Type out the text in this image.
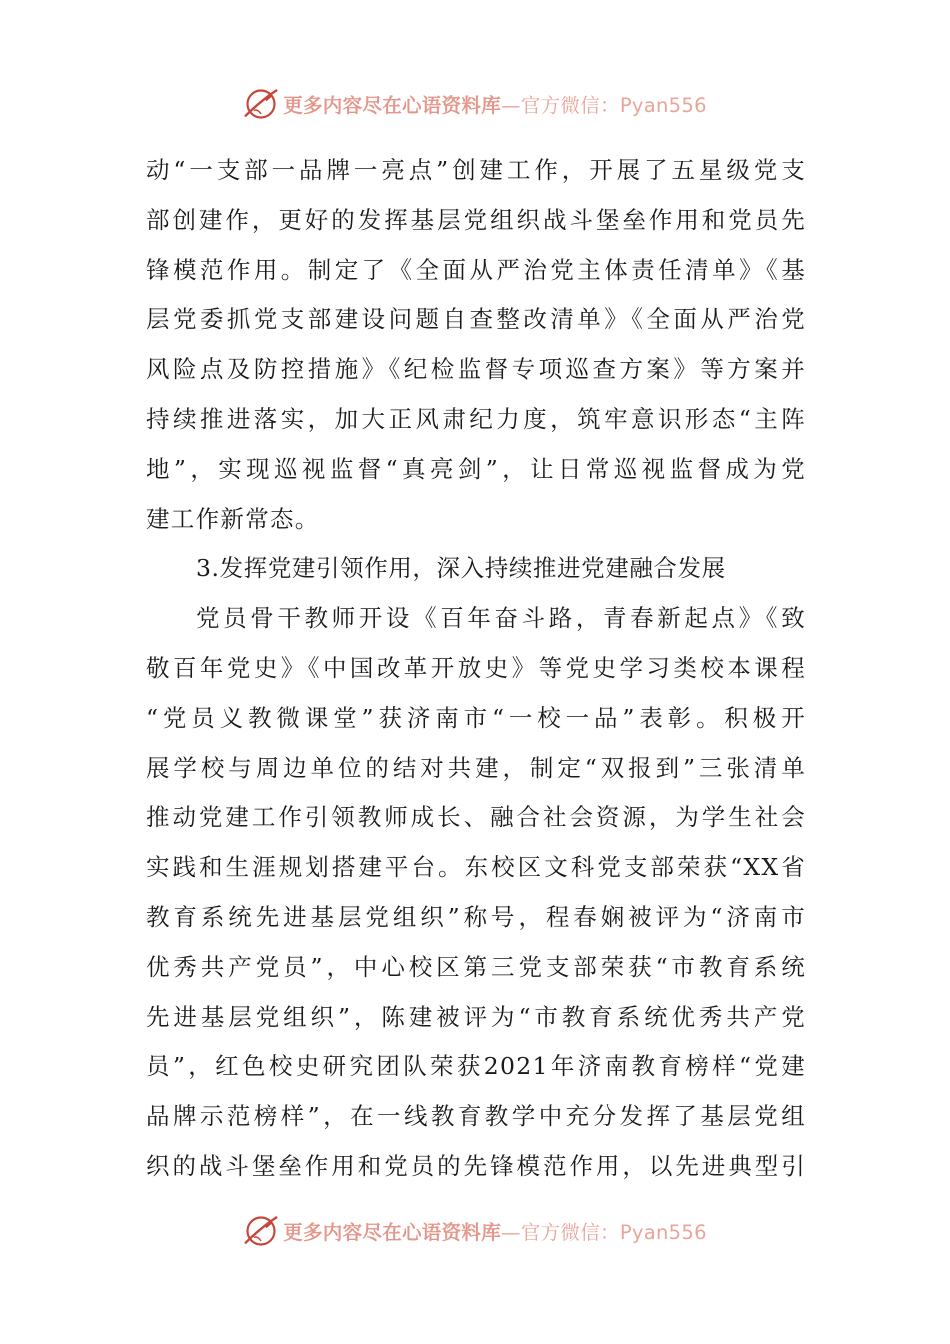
更多内容尽在心语资料库—官方微信：Pyan556
动“一支部一品牌一亮点”创建工作，开展了五星级党支
部创建作，更好的发挥基层党组织战斗堡垒作用和党员先
锋模范作用。制定了《全面从严治党主体责任清单》《基
层党委抓党支部建设问题自查整改清单》《全面从严治党
风险点及防控措施》《纪检监督专项巡查方案》等方案并
持续推进落实，加大正风肃纪力度，筑牢意识形态“主阵
地”，实现巡视监督“真亮剑”，让日常巡视监督成为党
建工作新常态。
3.发挥党建引领作用，深入持续推进党建融合发展
党员骨干教师开设《百年奋斗路，青春新起点》《致
敬百年党史》《中国改革开放史》等党史学习类校本课程
“党员义教微课堂”获济南市“一校一品”表彰。积极开
展学校与周边单位的结对共建，制定“双报到”三张清单
推动党建工作引领教师成长、融合社会资源，为学生社会
实践和生涯规划搭建平台。东校区文科党支部荣获“XX省
教育系统先进基层党组织”称号，程春娴被评为“济南市
优秀共产党员”，中心校区第三党支部荣获“市教育系统
先进基层党组织”，陈建被评为“市教育系统优秀共产党
员”，红色校史研究团队荣获2021年济南教育榜样“党建
品牌示范榜样”，在一线教育教学中充分发挥了基层党组
织的战斗堡垒作用和党员的先锋模范作用，以先进典型引
更多内容尽在心语资料库—官方微信：Pyan556
